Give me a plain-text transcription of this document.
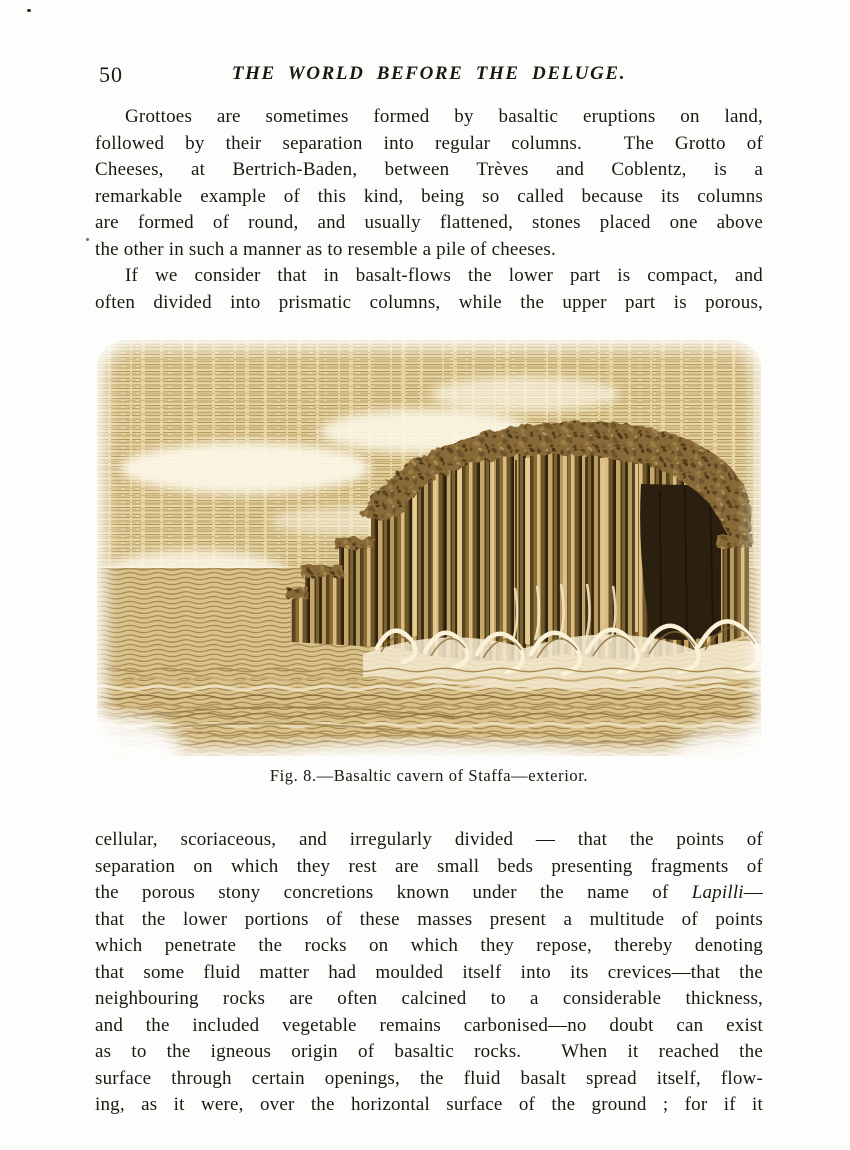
50	THE WORLD BEFORE THE DELUGE.
Grottoes are sometimes formed by basaltic eruptions on land,
followed by their separation into regular columns.  The Grotto of
Cheeses, at Bertrich-Baden, between Trèves and Coblentz, is a
remarkable example of this kind, being so called because its columns
are formed of round, and usually flattened, stones placed one above
the other in such a manner as to resemble a pile of cheeses.
If we consider that in basalt-flows the lower part is compact, and
often divided into prismatic columns, while the upper part is porous,
Fig. 8.—Basaltic cavern of Staffa—exterior.
cellular, scoriaceous, and irregularly divided — that the points of
separation on which they rest are small beds presenting fragments of
the porous stony concretions known under the name of Lapilli—
that the lower portions of these masses present a multitude of points
which penetrate the rocks on which they repose, thereby denoting
that some fluid matter had moulded itself into its crevices—that the
neighbouring rocks are often calcined to a considerable thickness,
and the included vegetable remains carbonised—no doubt can exist
as to the igneous origin of basaltic rocks.  When it reached the
surface through certain openings, the fluid basalt spread itself, flow-
ing, as it were, over the horizontal surface of the ground ; for if it
